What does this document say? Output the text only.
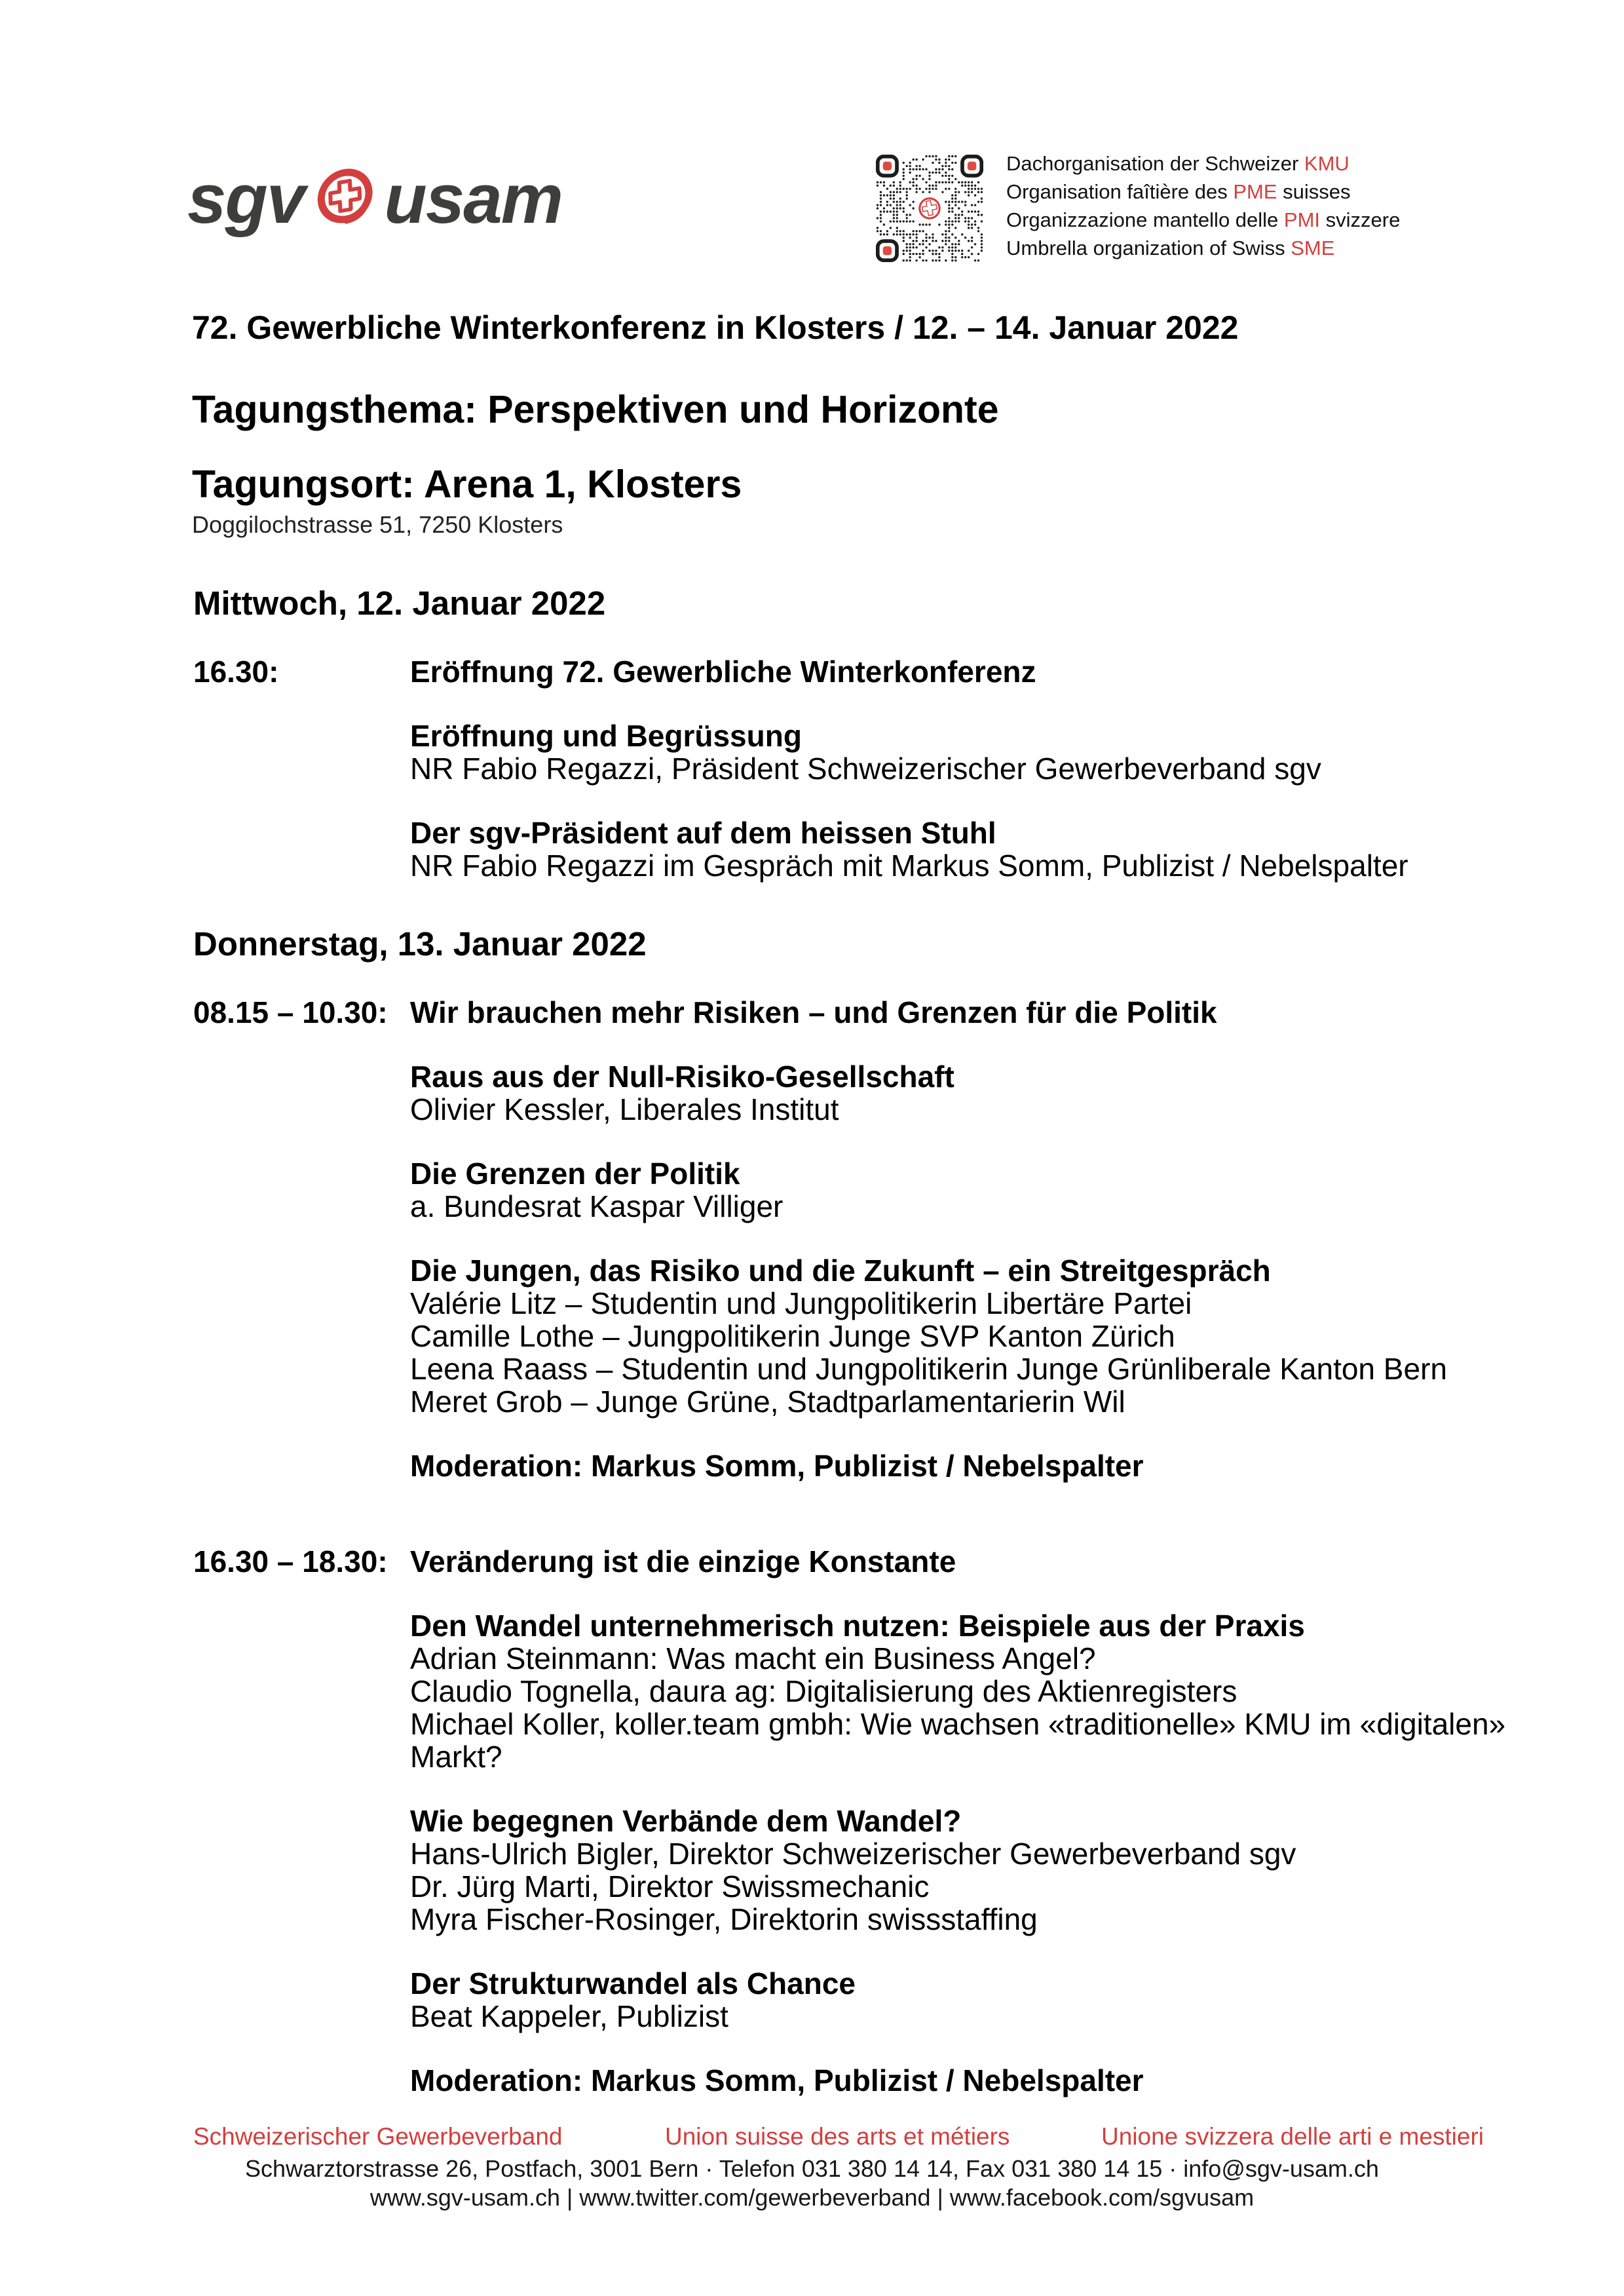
sgv usam	Dachorganisation der Schweizer KMU
Organisation faîtière des PME suisses
Organizzazione mantello delle PMI svizzere
Umbrella organization of Swiss SME
72. Gewerbliche Winterkonferenz in Klosters / 12. – 14. Januar 2022
Tagungsthema: Perspektiven und Horizonte
Tagungsort: Arena 1, Klosters
Doggilochstrasse 51, 7250 Klosters
Mittwoch, 12. Januar 2022
16.30:	Eröffnung 72. Gewerbliche Winterkonferenz
Eröffnung und Begrüssung
NR Fabio Regazzi, Präsident Schweizerischer Gewerbeverband sgv
Der sgv-Präsident auf dem heissen Stuhl
NR Fabio Regazzi im Gespräch mit Markus Somm, Publizist / Nebelspalter
Donnerstag, 13. Januar 2022
08.15 – 10.30: Wir brauchen mehr Risiken – und Grenzen für die Politik
Raus aus der Null-Risiko-Gesellschaft
Olivier Kessler, Liberales Institut
Die Grenzen der Politik
a. Bundesrat Kaspar Villiger
Die Jungen, das Risiko und die Zukunft – ein Streitgespräch
Valérie Litz – Studentin und Jungpolitikerin Libertäre Partei
Camille Lothe – Jungpolitikerin Junge SVP Kanton Zürich
Leena Raass – Studentin und Jungpolitikerin Junge Grünliberale Kanton Bern
Meret Grob – Junge Grüne, Stadtparlamentarierin Wil
Moderation: Markus Somm, Publizist / Nebelspalter
16.30 – 18.30: Veränderung ist die einzige Konstante
Den Wandel unternehmerisch nutzen: Beispiele aus der Praxis
Adrian Steinmann: Was macht ein Business Angel?
Claudio Tognella, daura ag: Digitalisierung des Aktienregisters
Michael Koller, koller.team gmbh: Wie wachsen «traditionelle» KMU im «digitalen» Markt?
Wie begegnen Verbände dem Wandel?
Hans-Ulrich Bigler, Direktor Schweizerischer Gewerbeverband sgv
Dr. Jürg Marti, Direktor Swissmechanic
Myra Fischer-Rosinger, Direktorin swissstaffing
Der Strukturwandel als Chance
Beat Kappeler, Publizist
Moderation: Markus Somm, Publizist / Nebelspalter
Schweizerischer Gewerbeverband	Union suisse des arts et métiers	Unione svizzera delle arti e mestieri
Schwarztorstrasse 26, Postfach, 3001 Bern · Telefon 031 380 14 14, Fax 031 380 14 15 · info@sgv-usam.ch
www.sgv-usam.ch | www.twitter.com/gewerbeverband | www.facebook.com/sgvusam
